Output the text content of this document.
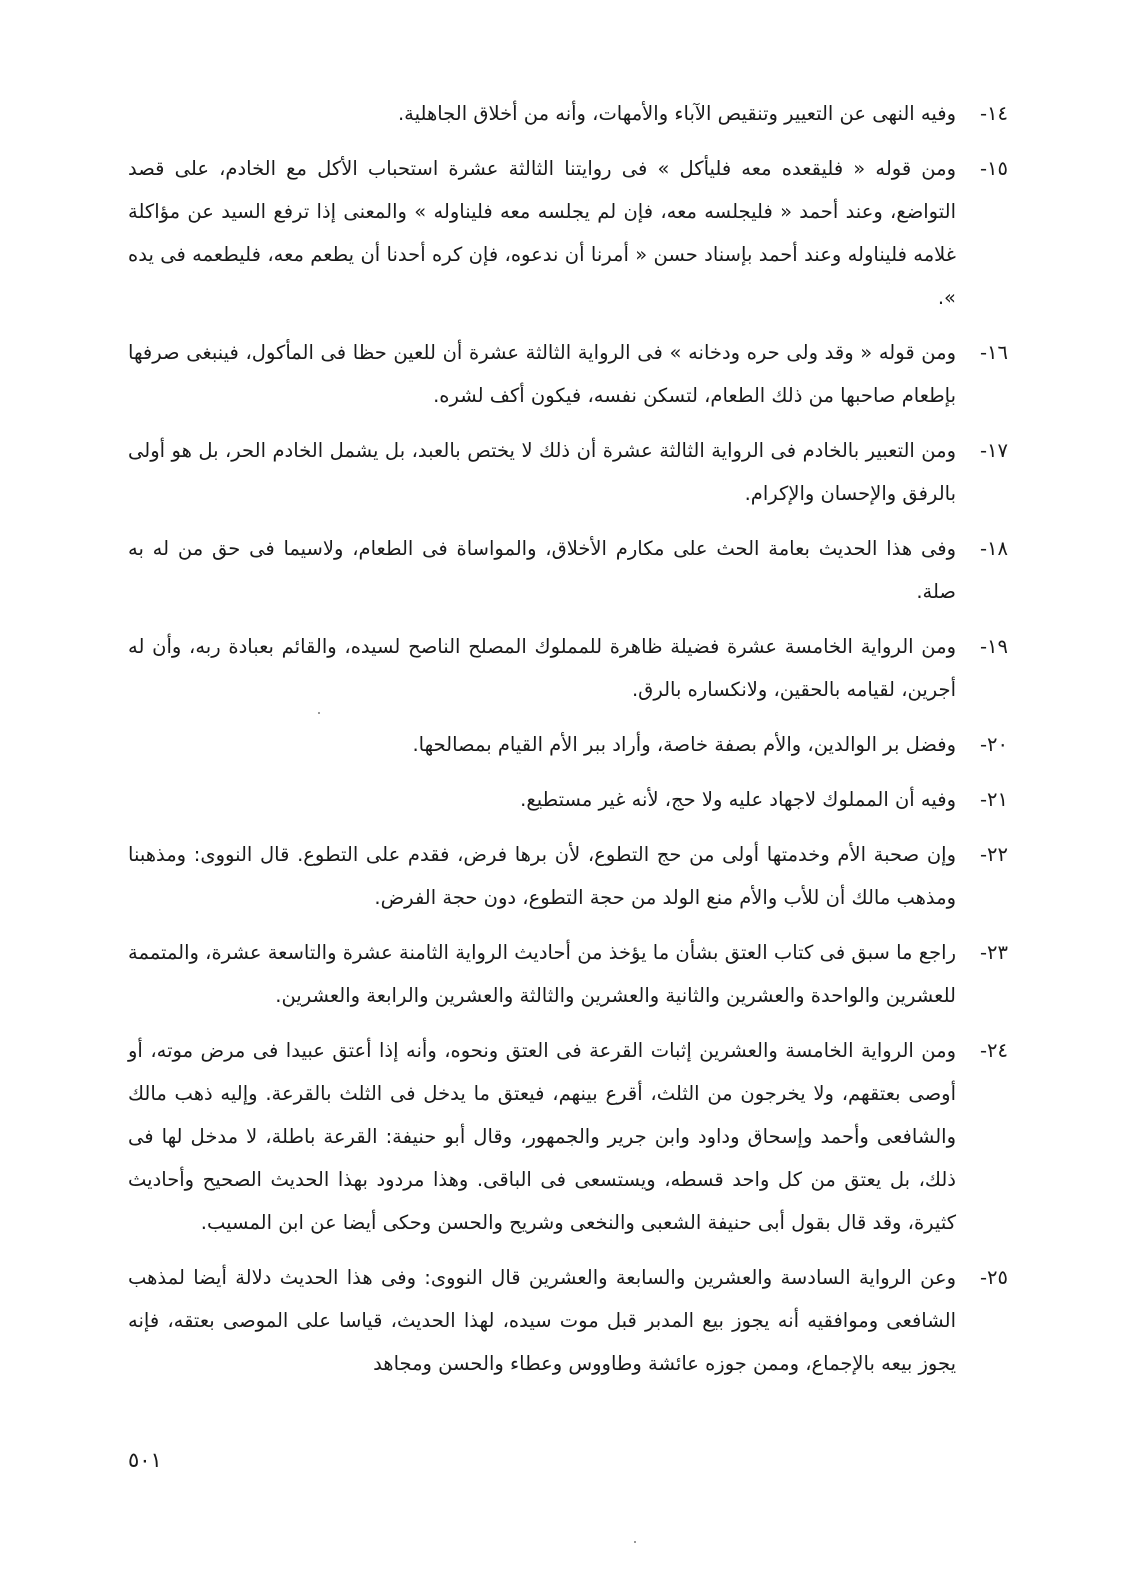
١٤-
وفيه النهى عن التعيير وتنقيص الآباء والأمهات، وأنه من أخلاق الجاهلية.
١٥-
ومن قوله « فليقعده معه فليأكل » فى روايتنا الثالثة عشرة استحباب الأكل مع الخادم، على قصد التواضع، وعند أحمد « فليجلسه معه، فإن لم يجلسه معه فليناوله » والمعنى إذا ترفع السيد عن مؤاكلة غلامه فليناوله وعند أحمد بإسناد حسن « أمرنا أن ندعوه، فإن كره أحدنا أن يطعم معه، فليطعمه فى يده ».
١٦-
ومن قوله « وقد ولى حره ودخانه » فى الرواية الثالثة عشرة أن للعين حظا فى المأكول، فينبغى صرفها بإطعام صاحبها من ذلك الطعام، لتسكن نفسه، فيكون أكف لشره.
١٧-
ومن التعبير بالخادم فى الرواية الثالثة عشرة أن ذلك لا يختص بالعبد، بل يشمل الخادم الحر، بل هو أولى بالرفق والإحسان والإكرام.
١٨-
وفى هذا الحديث بعامة الحث على مكارم الأخلاق، والمواساة فى الطعام، ولاسيما فى حق من له به صلة.
١٩-
ومن الرواية الخامسة عشرة فضيلة ظاهرة للمملوك المصلح الناصح لسيده، والقائم بعبادة ربه، وأن له أجرين، لقيامه بالحقين، ولانكساره بالرق.
٢٠-
وفضل بر الوالدين، والأم بصفة خاصة، وأراد ببر الأم القيام بمصالحها.
٢١-
وفيه أن المملوك لاجهاد عليه ولا حج، لأنه غير مستطيع.
٢٢-
وإن صحبة الأم وخدمتها أولى من حج التطوع، لأن برها فرض، فقدم على التطوع. قال النووى: ومذهبنا ومذهب مالك أن للأب والأم منع الولد من حجة التطوع، دون حجة الفرض.
٢٣-
راجع ما سبق فى كتاب العتق بشأن ما يؤخذ من أحاديث الرواية الثامنة عشرة والتاسعة عشرة، والمتممة للعشرين والواحدة والعشرين والثانية والعشرين والثالثة والعشرين والرابعة والعشرين.
٢٤-
ومن الرواية الخامسة والعشرين إثبات القرعة فى العتق ونحوه، وأنه إذا أعتق عبيدا فى مرض موته، أو أوصى بعتقهم، ولا يخرجون من الثلث، أقرع بينهم، فيعتق ما يدخل فى الثلث بالقرعة. وإليه ذهب مالك والشافعى وأحمد وإسحاق وداود وابن جرير والجمهور، وقال أبو حنيفة: القرعة باطلة، لا مدخل لها فى ذلك، بل يعتق من كل واحد قسطه، ويستسعى فى الباقى. وهذا مردود بهذا الحديث الصحيح وأحاديث كثيرة، وقد قال بقول أبى حنيفة الشعبى والنخعى وشريح والحسن وحكى أيضا عن ابن المسيب.
٢٥-
وعن الرواية السادسة والعشرين والسابعة والعشرين قال النووى: وفى هذا الحديث دلالة أيضا لمذهب الشافعى وموافقيه أنه يجوز بيع المدبر قبل موت سيده، لهذا الحديث، قياسا على الموصى بعتقه، فإنه يجوز بيعه بالإجماع، وممن جوزه عائشة وطاووس وعطاء والحسن ومجاهد
٥٠١
